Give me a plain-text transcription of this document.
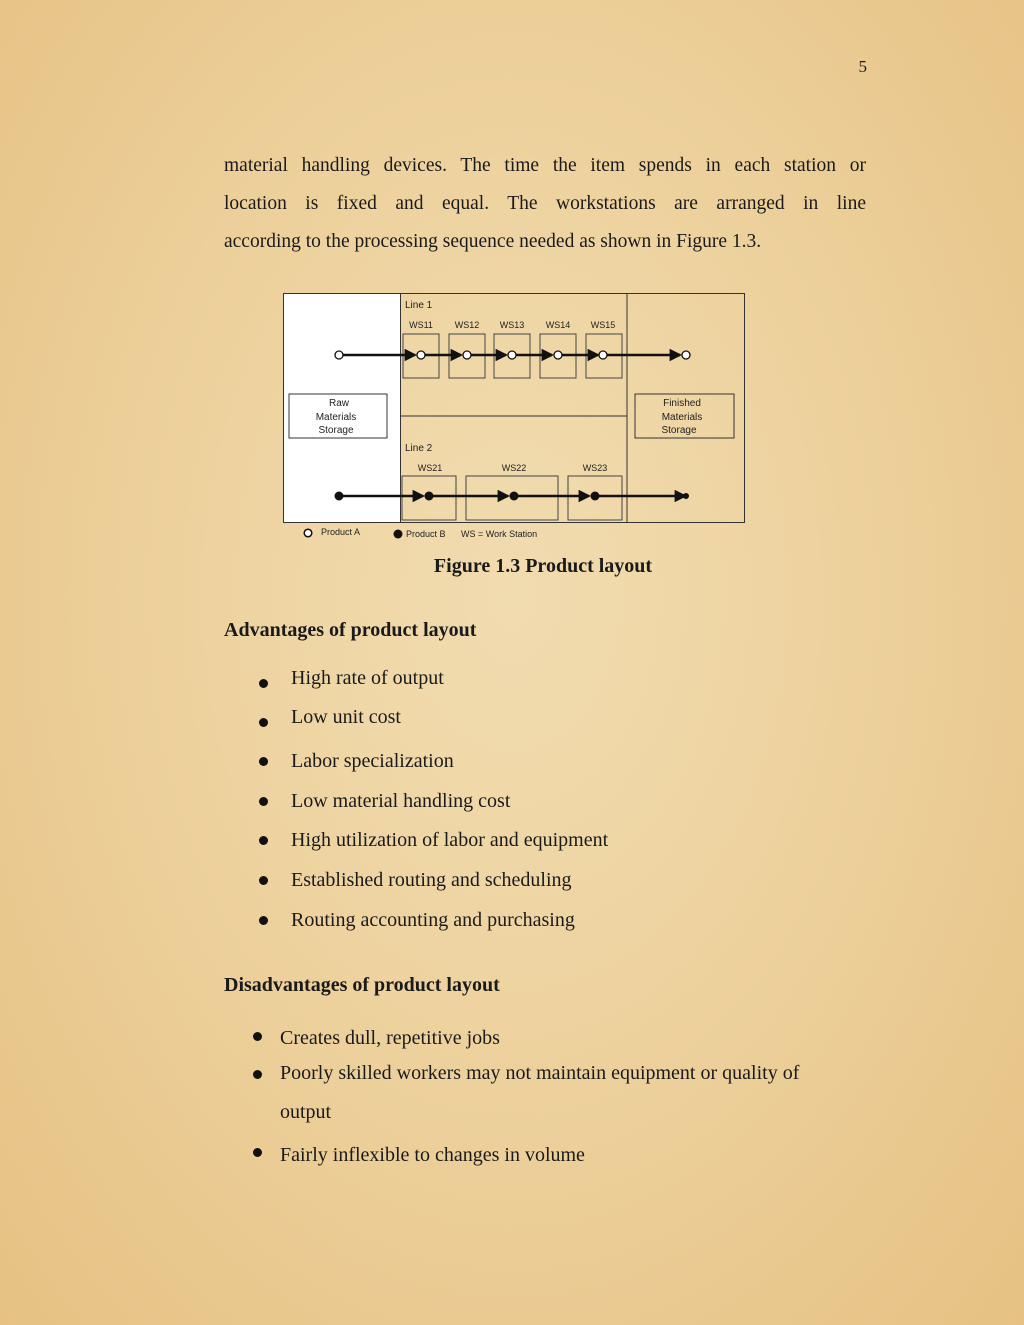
5
material handling devices. The time the item spends in each station or
location is fixed and equal. The workstations are arranged in line
according to the processing sequence needed as shown in Figure 1.3.
Raw
Materials
Storage
Finished
Materials
Storage
Line 1
WS11 WS12 WS13 WS14 WS15
Line 2
WS21	WS22	WS23
Product A	Product B WS = Work Station
Figure 1.3 Product layout
Advantages of product layout
High rate of output
Low unit cost
Labor specialization
Low material handling cost
High utilization of labor and equipment
Established routing and scheduling
Routing accounting and purchasing
Disadvantages of product layout
Creates dull, repetitive jobs
Poorly skilled workers may not maintain equipment or quality of
output
Fairly inflexible to changes in volume
